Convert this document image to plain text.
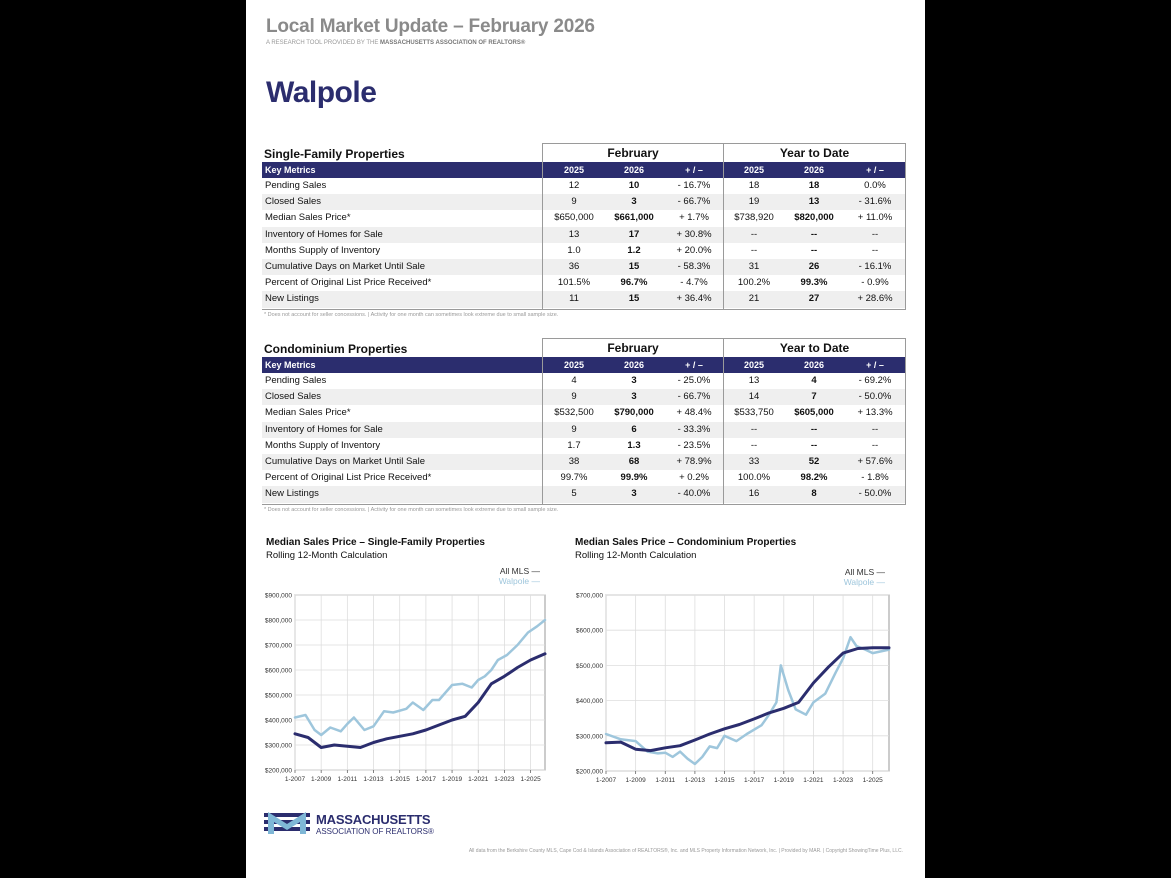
Local Market Update – February 2026
A RESEARCH TOOL PROVIDED BY THE MASSACHUSETTS ASSOCIATION OF REALTORS®
Walpole
Single-Family Properties	February	Year to Date
Key Metrics	2025	2026	+ / –	2025	2026	+ / –
Pending Sales	12	10	- 16.7%	18	18	0.0%
Closed Sales	9	3	- 66.7%	19	13	- 31.6%
Median Sales Price*	$650,000	$661,000	+ 1.7%	$738,920	$820,000	+ 11.0%
Inventory of Homes for Sale	13	17	+ 30.8%	--	--	--
Months Supply of Inventory	1.0	1.2	+ 20.0%	--	--	--
Cumulative Days on Market Until Sale	36	15	- 58.3%	31	26	- 16.1%
Percent of Original List Price Received*	101.5%	96.7%	- 4.7%	100.2%	99.3%	- 0.9%
New Listings	11	15	+ 36.4%	21	27	+ 28.6%
* Does not account for seller concessions. | Activity for one month can sometimes look extreme due to small sample size.
Condominium Properties	February	Year to Date
Key Metrics	2025	2026	+ / –	2025	2026	+ / –
Pending Sales	4	3	- 25.0%	13	4	- 69.2%
Closed Sales	9	3	- 66.7%	14	7	- 50.0%
Median Sales Price*	$532,500	$790,000	+ 48.4%	$533,750	$605,000	+ 13.3%
Inventory of Homes for Sale	9	6	- 33.3%	--	--	--
Months Supply of Inventory	1.7	1.3	- 23.5%	--	--	--
Cumulative Days on Market Until Sale	38	68	+ 78.9%	33	52	+ 57.6%
Percent of Original List Price Received*	99.7%	99.9%	+ 0.2%	100.0%	98.2%	- 1.8%
New Listings	5	3	- 40.0%	16	8	- 50.0%
* Does not account for seller concessions. | Activity for one month can sometimes look extreme due to small sample size.
Median Sales Price – Single-Family Properties
Rolling 12-Month Calculation
All MLS —
Walpole —
$200,000
$300,000
$400,000
$500,000
$600,000
$700,000
$800,000
$900,000
1-2007 1-2009 1-2011 1-2013 1-2015 1-2017 1-2019 1-2021 1-2023 1-2025
Median Sales Price – Condominium Properties
Rolling 12-Month Calculation
All MLS —
Walpole —
$200,000
$300,000
$400,000
$500,000
$600,000
$700,000
1-2007 1-2009 1-2011 1-2013 1-2015 1-2017 1-2019 1-2021 1-2023 1-2025
MASSACHUSETTS
ASSOCIATION OF REALTORS®
All data from the Berkshire County MLS, Cape Cod & Islands Association of REALTORS®, Inc. and MLS Property Information Network, Inc. | Provided by MAR. | Copyright ShowingTime Plus, LLC.
